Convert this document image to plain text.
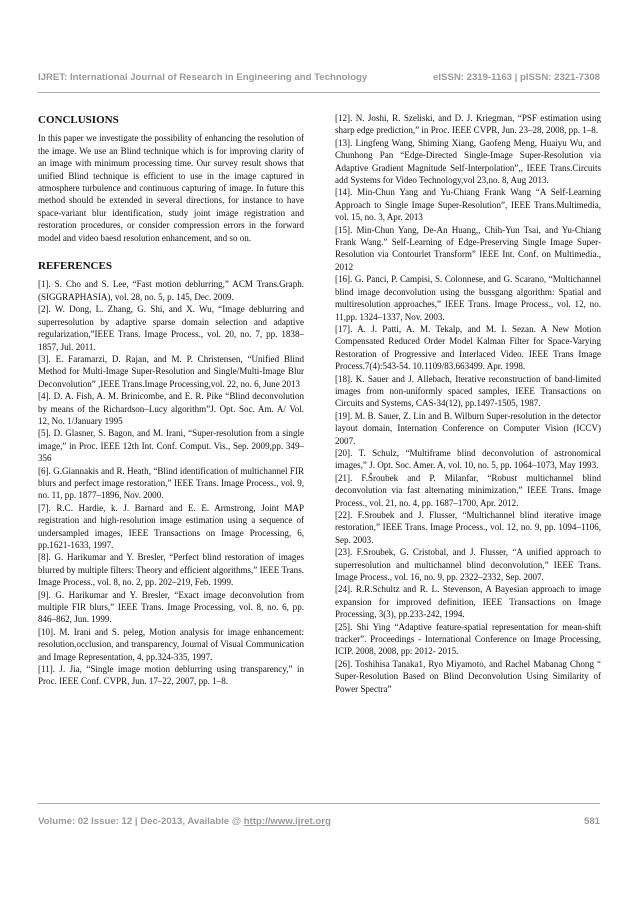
IJRET: International Journal of Research in Engineering and Technology	eISSN: 2319-1163 | pISSN: 2321-7308
CONCLUSIONS

In this paper we investigate the possibility of enhancing the resolution of the image. We use an Blind technique which is for improving clarity of an image with minimum processing time. Our survey result shows that unified Blind technique is efficient to use in the image captured in atmosphere turbulence and continuous capturing of image. In future this method should be extended in several directions, for instance to have space-variant blur identification, study joint image registration and restoration procedures, or consider compression errors in the forward model and video baesd resolution enhancement, and so on.

REFERENCES

[1]. S. Cho and S. Lee, “Fast motion deblurring,” ACM Trans.Graph. (SIGGRAPHASIA), vol. 28, no. 5, p. 145, Dec. 2009.

[2]. W. Dong, L. Zhang, G. Shi, and X. Wu, “Image deblurring and superresolution by adaptive sparse domain selection and adaptive regularization,”IEEE Trans. Image Process., vol. 20, no. 7, pp. 1838–1857, Jul. 2011.

[3]. E. Faramarzi, D. Rajan, and M. P. Christensen, “Unified Blind Method for Multi-Image Super-Resolution and Single/Multi-Image Blur Deconvolution” ,IEEE Trans.Image Processing,vol. 22, no. 6, June 2013

[4]. D. A. Fish, A. M. Brinicombe, and E. R. Pike “Blind deconvolution by means of the Richardson–Lucy algorithm”J. Opt. Soc. Am. A/ Vol. 12, No. 1/January 1995

[5]. D. Glasner, S. Bagon, and M. Irani, “Super-resolution from a single image,” in Proc. IEEE 12th Int. Conf. Comput. Vis., Sep. 2009,pp. 349–356

[6]. G.Giannakis and R. Heath, “Blind identification of multichannel FIR blurs and perfect image restoration,” IEEE Trans. Image Process., vol. 9, no. 11, pp. 1877–1896, Nov. 2000.

[7]. R.C. Hardie, k. J. Barnard and E. E. Armstrong, Joint MAP registration and high-resolution image estimation using a sequence of undersampled images, IEEE Transactions on Image Processing, 6, pp.1621-1633, 1997.

[8]. G. Harikumar and Y. Bresler, “Perfect blind restoration of images blurred by multiple filters: Theory and efficient algorithms,” IEEE Trans. Image Process., vol. 8, no. 2, pp. 202–219, Feb. 1999.

[9]. G. Harikumar and Y. Bresler, “Exact image deconvolution from multiple FIR blurs,” IEEE Trans. Image Processing, vol. 8, no. 6, pp. 846–862, Jun. 1999.

[10]. M. Irani and S. peleg, Motion analysis for image enhancement: resolution,occlusion, and transparency, Journal of Visual Communication and Image Representation, 4, pp.324-335, 1997.

[11]. J. Jia, “Single image motion deblurring using transparency,” in Proc. IEEE Conf. CVPR, Jun. 17–22, 2007, pp. 1–8.

[12]. N. Joshi, R. Szeliski, and D. J. Kriegman, “PSF estimation using sharp edge prediction,” in Proc. IEEE CVPR, Jun. 23–28, 2008, pp. 1–8.

[13]. Lingfeng Wang, Shiming Xiang, Gaofeng Meng, Huaiyu Wu, and Chunhong Pan “Edge-Directed Single-Image Super-Resolution via Adaptive Gradient Magnitude Self-Interpolation”,, IEEE Trans.Circuits add Systems for Video Technology,vol 23,no. 8, Aug 2013.

[14]. Min-Chun Yang and Yu-Chiang Frank Wang “A Self-Learning Approach to Single Image Super-Resolution”, IEEE Trans.Multimedia, vol. 15, no. 3, Apr. 2013

[15]. Min-Chun Yang, De-An Huang,, Chih-Yun Tsai, and Yu-Chiang Frank Wang.” Self-Learning of Edge-Preserving Single Image Super-Resolution via Contourlet Transform” IEEE Int. Conf. on Multimedia., 2012

[16]. G. Panci, P. Campisi, S. Colonnese, and G. Scarano, “Multichannel blind image deconvolution using the bussgang algorithm: Spatial and multiresolution approaches,” IEEE Trans. Image Process., vol. 12, no. 11,pp. 1324–1337, Nov. 2003.

[17]. A. J. Patti, A. M. Tekalp, and M. I. Sezan. A New Motion Compensated Reduced Order Model Kalman Filter for Space-Varying Restoration of Progressive and Interlaced Video. IEEE Trans Image Process.7(4):543-54. 10.1109/83.663499. Apr. 1998.

[18]. K. Sauer and J. Allebach, Iterative reconstruction of band-limited images from non-uniformly spaced samples, IEEE Transactions on Circuits and Systems, CAS-34(12), pp.1497-1505, 1987.

[19]. M. B. Sauer, Z. Lin and B. Wilburn Super-resolution in the detector layout domain, Internation Conference on Computer Vision (ICCV) 2007.

[20]. T. Schulz, “Multiframe blind deconvolution of astronomical images,” J. Opt. Soc. Amer. A, vol. 10, no. 5, pp. 1064–1073, May 1993.

[21]. F.Šroubek and P. Milanfar, “Robust multichannel blind deconvolution via fast alternating minimization,” IEEE Trans. Image Process., vol. 21, no. 4, pp. 1687–1700, Apr. 2012.

[22]. F.Sroubek and J. Flusser, “Multichannel blind iterative image restoration,” IEEE Trans. Image Process., vol. 12, no. 9, pp. 1094–1106, Sep. 2003.

[23]. F.Sroubek, G. Cristobal, and J. Flusser, “A unified approach to superresolution and multichannel blind deconvolution,” IEEE Trans. Image Process., vol. 16, no. 9, pp. 2322–2332, Sep. 2007.

[24]. R.R.Schultz and R. L. Stevenson, A Bayesian approach to image expansion for improved definition, IEEE Transactions on Image Processing, 3(3), pp.233-242, 1994.

[25]. Shi Ying “Adaptive feature-spatial representation for mean-shift tracker”. Proceedings - International Conference on Image Processing, ICIP. 2008, 2008, pp: 2012- 2015.

[26]. Toshihisa Tanaka1, Ryo Miyamoto, and Rachel Mabanag Chong “ Super-Resolution Based on Blind Deconvolution Using Similarity of Power Spectra”

Volume: 02 Issue: 12 | Dec-2013, Available @ http://www.ijret.org	581
